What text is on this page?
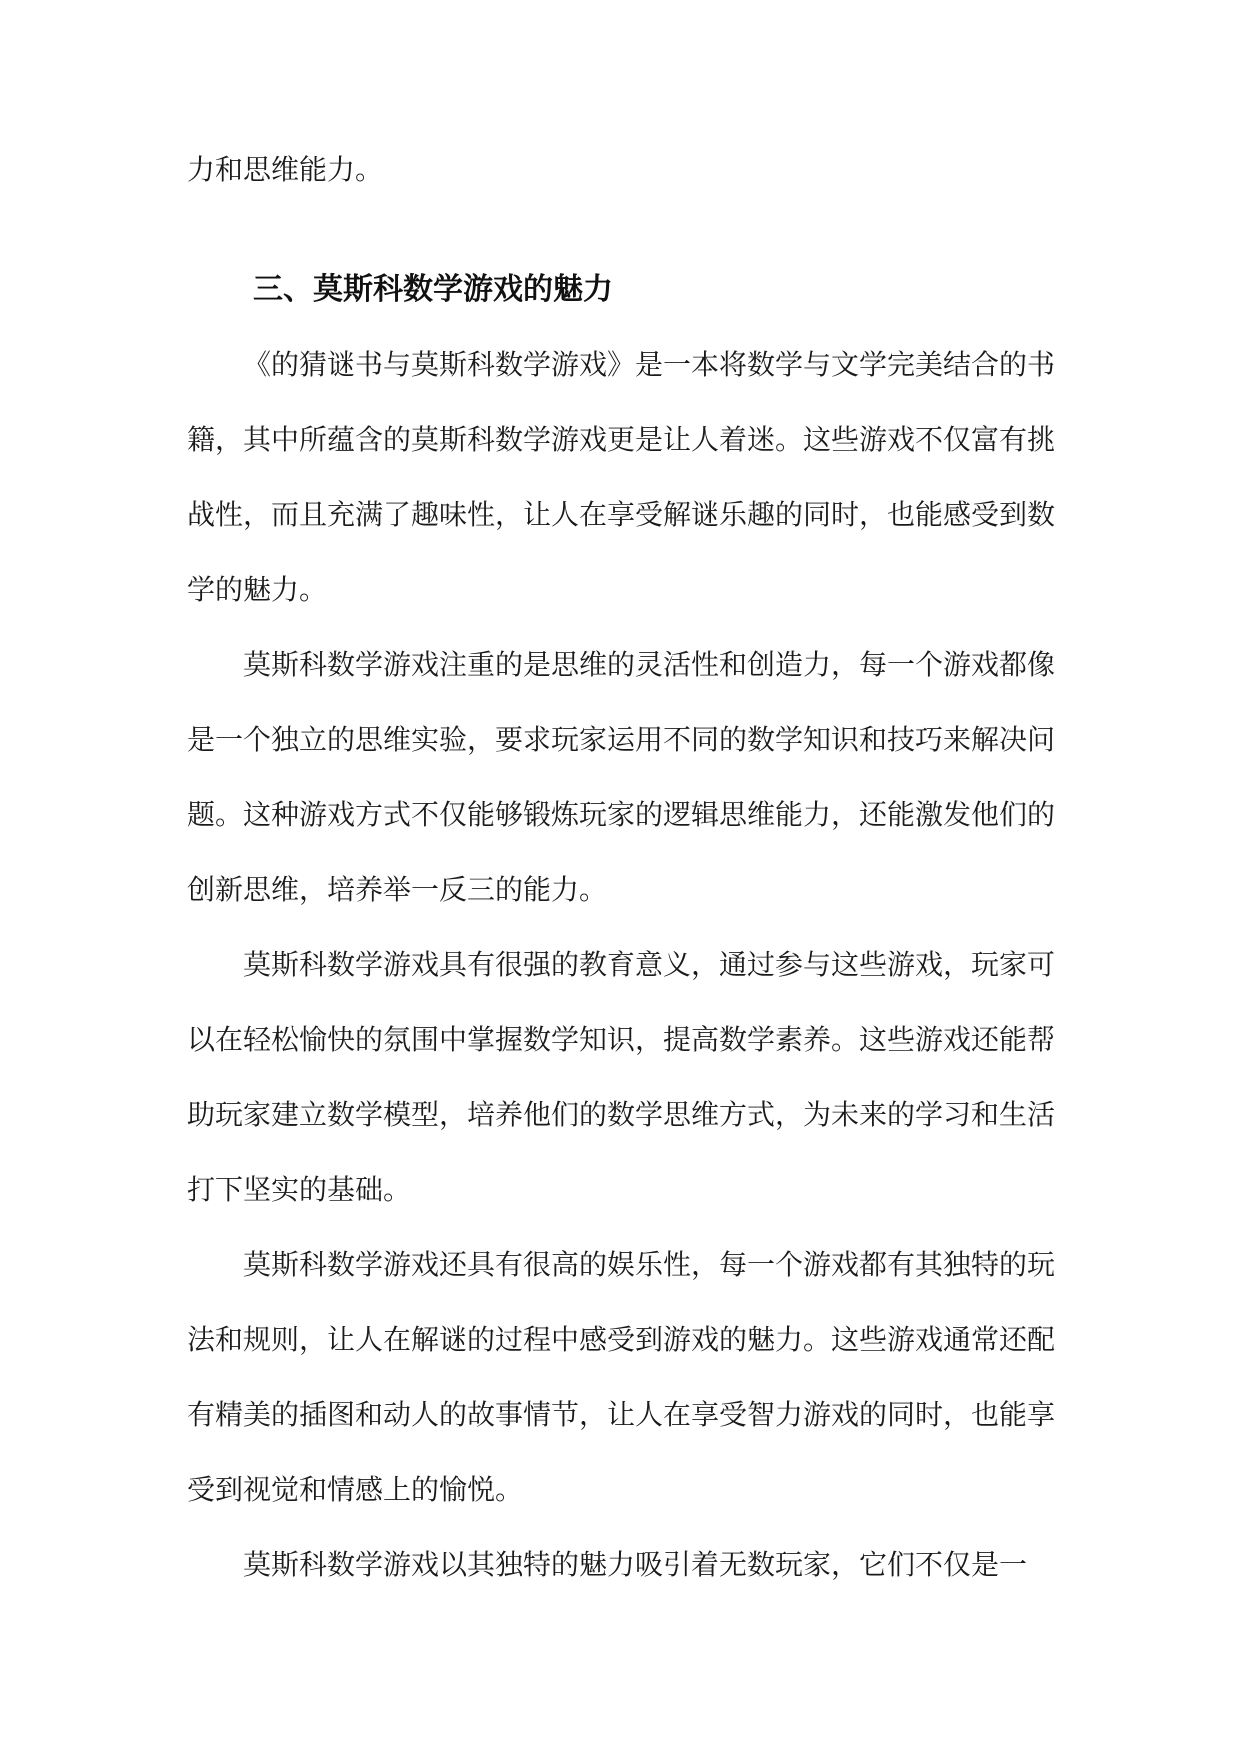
力和思维能力。

三、莫斯科数学游戏的魅力

《的猜谜书与莫斯科数学游戏》是一本将数学与文学完美结合的书籍，其中所蕴含的莫斯科数学游戏更是让人着迷。这些游戏不仅富有挑战性，而且充满了趣味性，让人在享受解谜乐趣的同时，也能感受到数学的魅力。

莫斯科数学游戏注重的是思维的灵活性和创造力，每一个游戏都像是一个独立的思维实验，要求玩家运用不同的数学知识和技巧来解决问题。这种游戏方式不仅能够锻炼玩家的逻辑思维能力，还能激发他们的创新思维，培养举一反三的能力。

莫斯科数学游戏具有很强的教育意义，通过参与这些游戏，玩家可以在轻松愉快的氛围中掌握数学知识，提高数学素养。这些游戏还能帮助玩家建立数学模型，培养他们的数学思维方式，为未来的学习和生活打下坚实的基础。

莫斯科数学游戏还具有很高的娱乐性，每一个游戏都有其独特的玩法和规则，让人在解谜的过程中感受到游戏的魅力。这些游戏通常还配有精美的插图和动人的故事情节，让人在享受智力游戏的同时，也能享受到视觉和情感上的愉悦。

莫斯科数学游戏以其独特的魅力吸引着无数玩家，它们不仅是一
